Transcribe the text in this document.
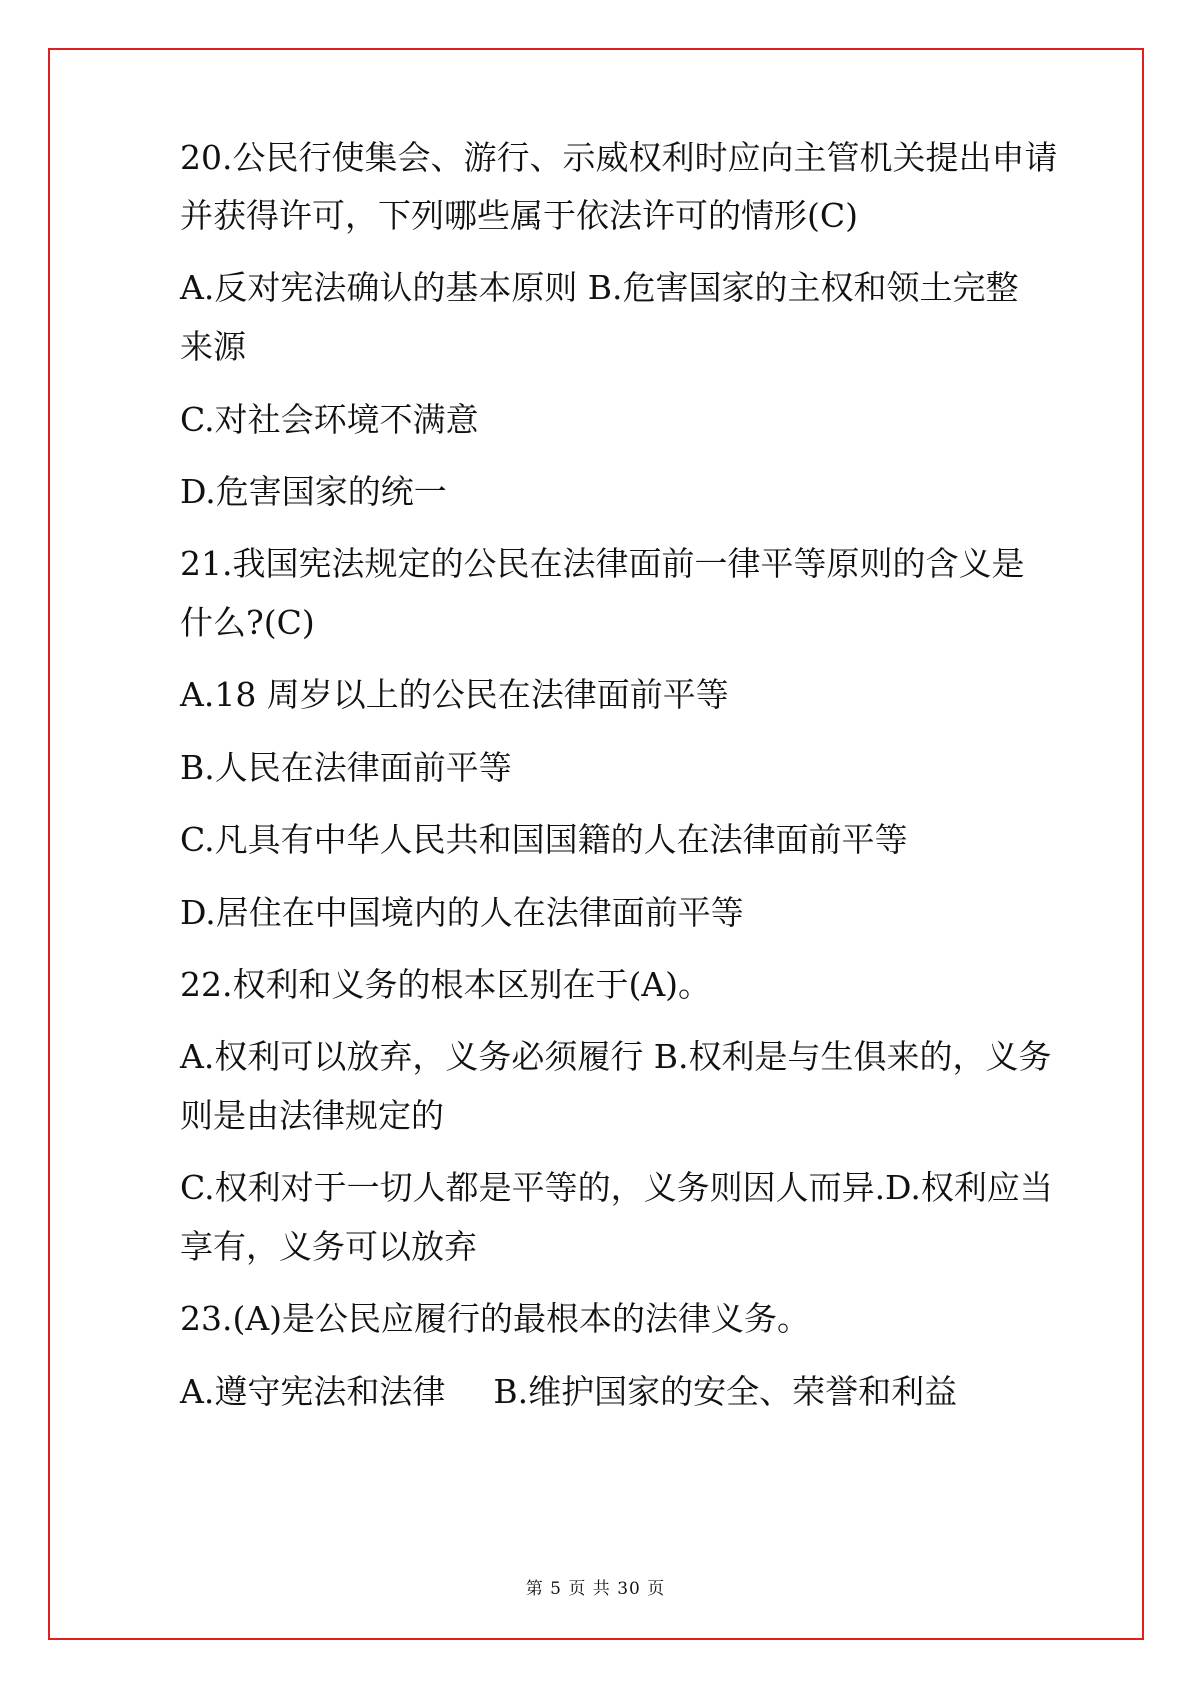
20.公民行使集会、游行、示威权利时应向主管机关提出申请
并获得许可，下列哪些属于依法许可的情形(C)
A.反对宪法确认的基本原则 B.危害国家的主权和领土完整
来源
C.对社会环境不满意
D.危害国家的统一
21.我国宪法规定的公民在法律面前一律平等原则的含义是
什么?(C)
A.18 周岁以上的公民在法律面前平等
B.人民在法律面前平等
C.凡具有中华人民共和国国籍的人在法律面前平等
D.居住在中国境内的人在法律面前平等
22.权利和义务的根本区别在于(A)。
A.权利可以放弃，义务必须履行 B.权利是与生俱来的，义务
则是由法律规定的
C.权利对于一切人都是平等的，义务则因人而异.D.权利应当
享有，义务可以放弃
23.(A)是公民应履行的最根本的法律义务。
A.遵守宪法和法律 B.维护国家的安全、荣誉和利益
第 5 页 共 30 页
